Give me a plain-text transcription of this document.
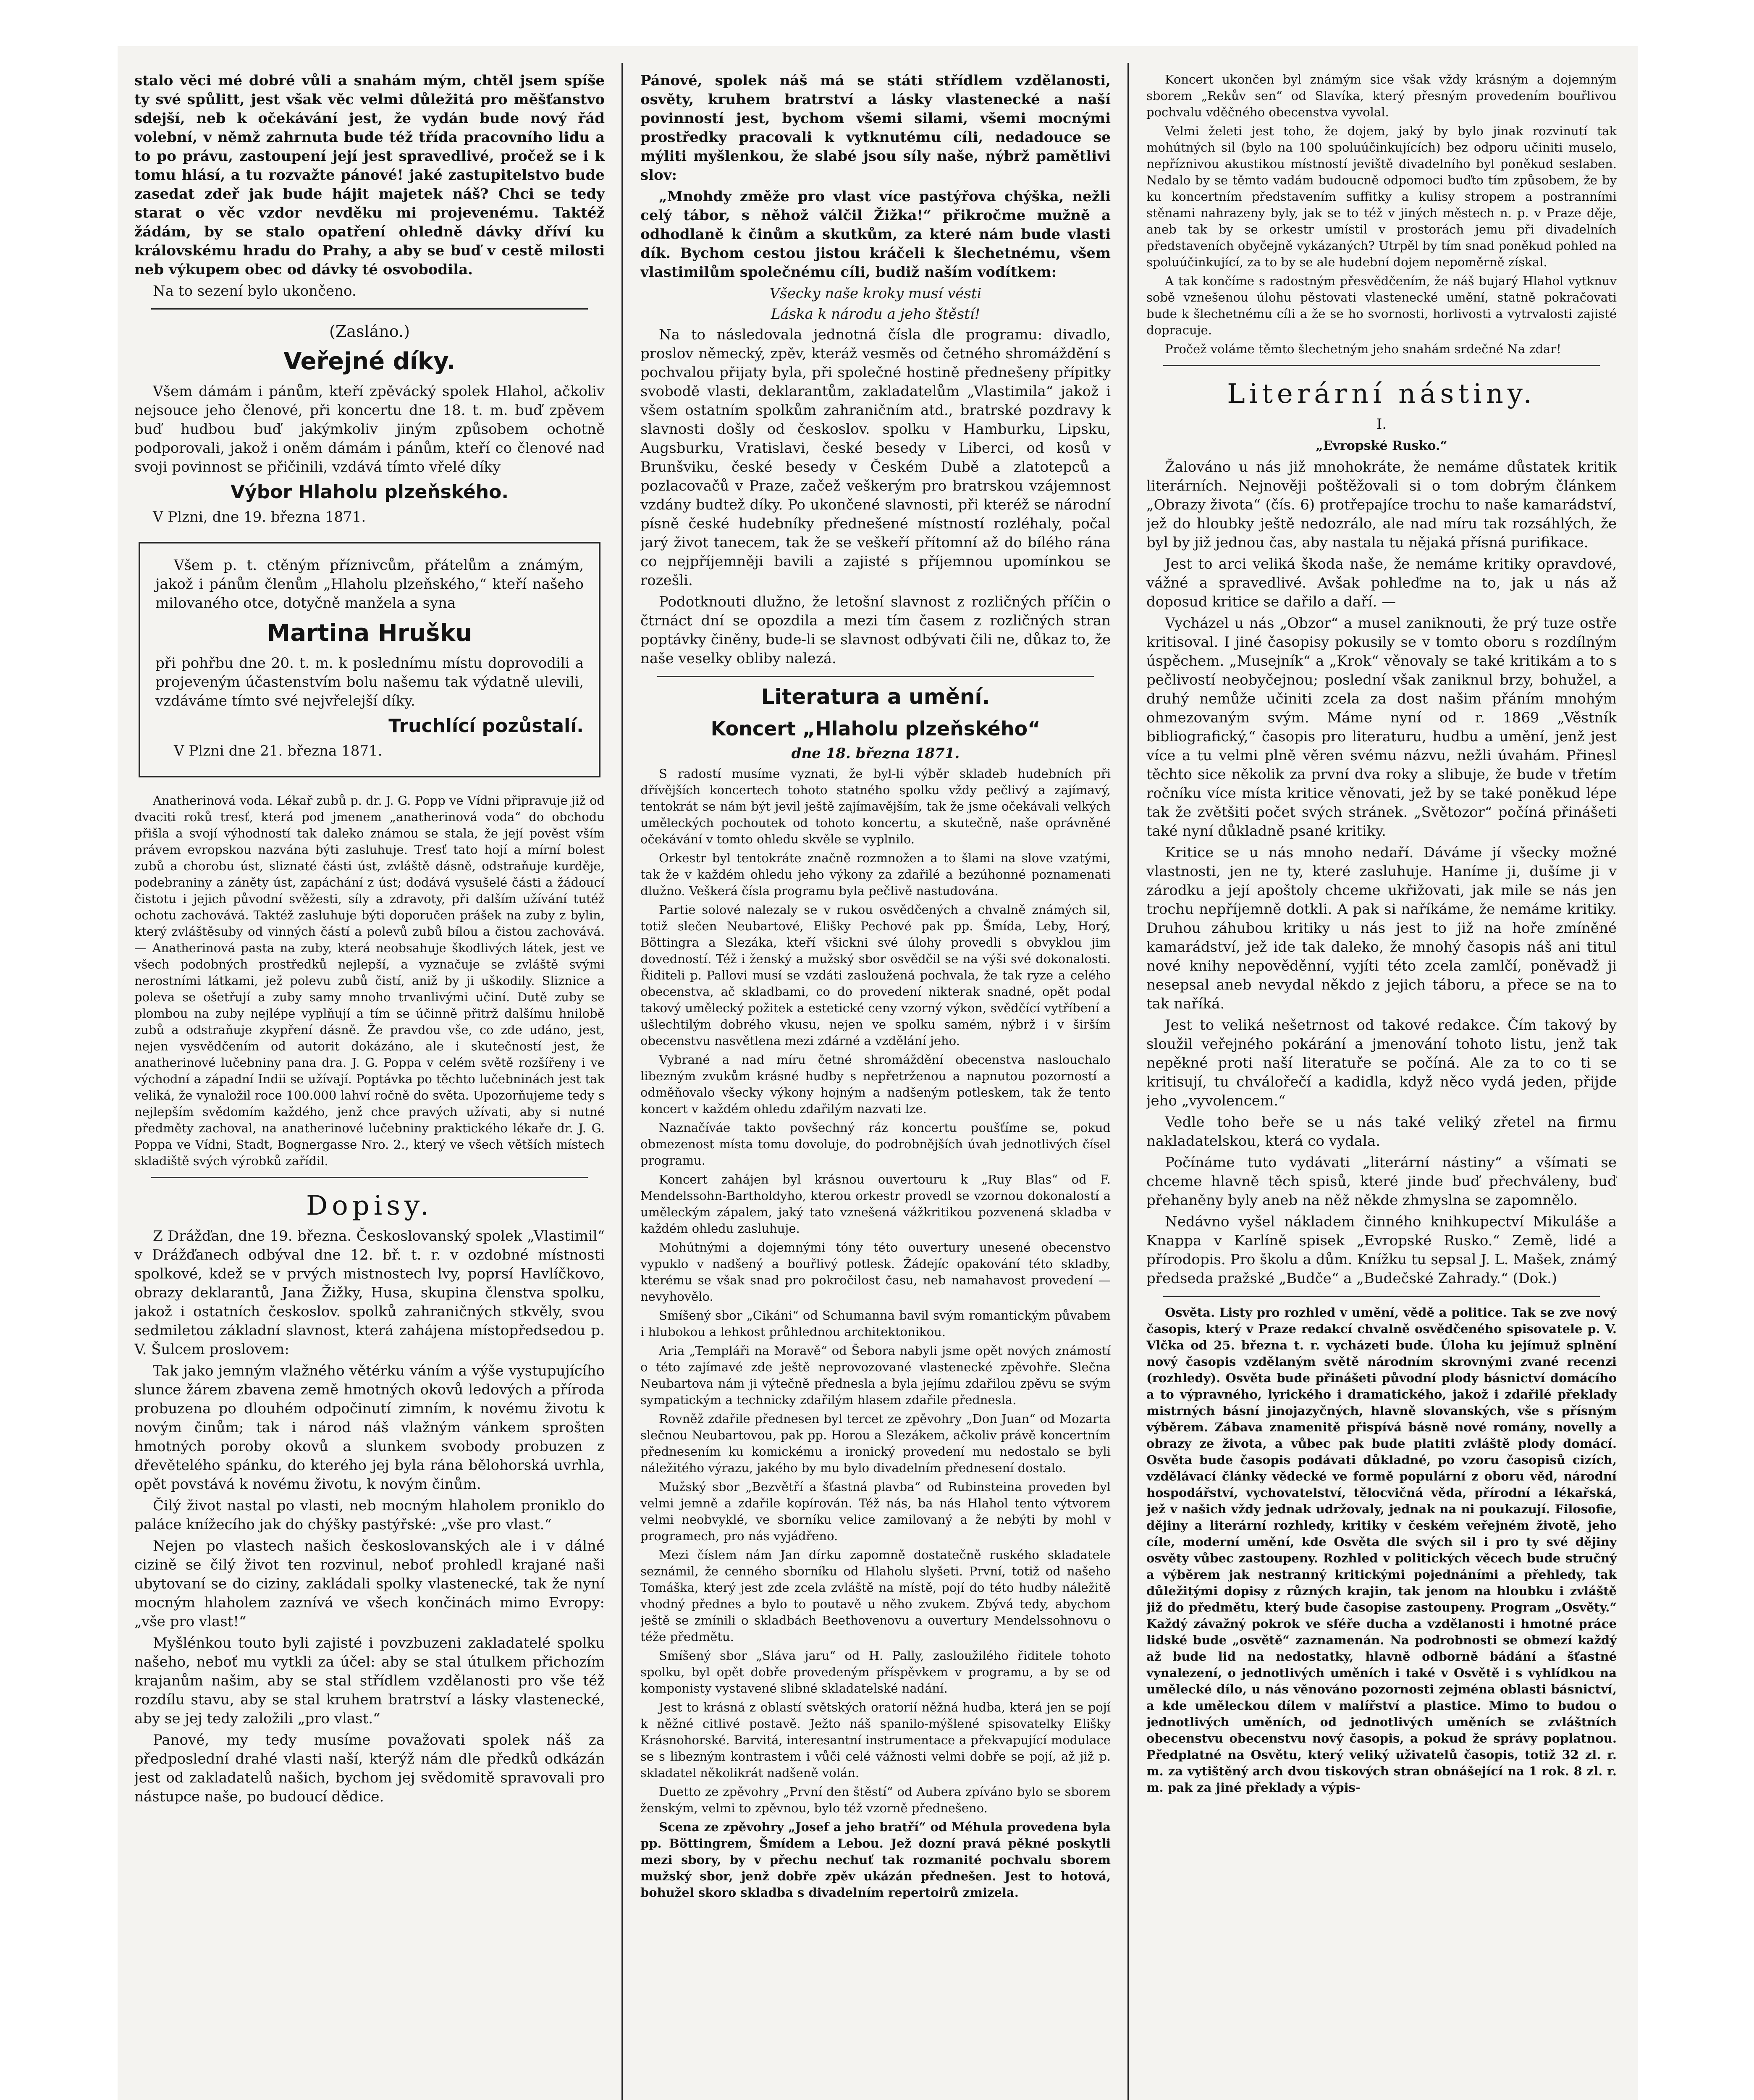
stalo věci mé dobré vůli a snahám mým, chtěl jsem spíše ty své spůlitt, jest však věc velmi důležitá pro měšťanstvo sdejší, neb k očekávání jest, že vydán bude nový řád volební, v němž zahrnuta bude též třída pracovního lidu a to po právu, zastoupení její jest spravedlivé, pročež se i k tomu hlásí, a tu rozvažte pánové! jaké zastupitelstvo bude zasedat zdeř jak bude hájit majetek náš? Chci se tedy starat o věc vzdor nevděku mi projevenému. Taktéž žádám, by se stalo opatření ohledně dávky dříví ku královskému hradu do Prahy, a aby se buď v cestě milosti neb výkupem obec od dávky té osvobodila.

Na to sezení bylo ukončeno.

(Zasláno.)

Veřejné díky.

Všem dámám i pánům, kteří zpěvácký spolek Hlahol, ačkoliv nejsouce jeho členové, při koncertu dne 18. t. m. buď zpěvem buď hudbou buď jakýmkoliv jiným způsobem ochotně podporovali, jakož i oněm dámám i pánům, kteří co členové nad svoji povinnost se přičinili, vzdává tímto vřelé díky

Výbor Hlaholu plzeňského.

V Plzni, dne 19. března 1871.

Všem p. t. ctěným příznivcům, přátelům a známým, jakož i pánům členům „Hlaholu plzeňského,“ kteří našeho milovaného otce, dotyčně manžela a syna

Martina Hrušku

při pohřbu dne 20. t. m. k poslednímu místu doprovodili a projeveným účastenstvím bolu našemu tak výdatně ulevili, vzdáváme tímto své nejvřelejší díky.

Truchlící pozůstalí.

V Plzni dne 21. března 1871.

Anatherinová voda. Lékař zubů p. dr. J. G. Popp ve Vídni připravuje již od dvaciti roků tresť, která pod jmenem „anatherinová voda“ do obchodu přišla a svojí výhodností tak daleko známou se stala, že její pověst vším právem evropskou nazvána býti zasluhuje. Tresť tato hojí a mírní bolest zubů a chorobu úst, sliznaté části úst, zvláště dásně, odstraňuje kurděje, podebraniny a záněty úst, zapáchání z úst; dodává vysušelé části a žádoucí čistotu i jejich původní svěžesti, síly a zdravoty, při dalším užívání tutéž ochotu zachovává. Taktéž zasluhuje býti doporučen prášek na zuby z bylin, který zvláštěsuby od vinných částí a polevů zubů bílou a čistou zachovává. — Anatherinová pasta na zuby, která neobsahuje škodlivých látek, jest ve všech podobných prostředků nejlepší, a vyznačuje se zvláště svými nerostními látkami, jež polevu zubů čistí, aniž by ji uškodily. Sliznice a poleva se ošetřují a zuby samy mnoho trvanlivými učiní. Dutě zuby se plombou na zuby nejlépe vyplňují a tím se účinně přitrž dalšímu hnilobě zubů a odstraňuje zkypření dásně. Že pravdou vše, co zde udáno, jest, nejen vysvědčením od autorit dokázáno, ale i skutečností jest, že anatherinové lučebniny pana dra. J. G. Poppa v celém světě rozšířeny i ve východní a západní Indii se užívají. Poptávka po těchto lučebninách jest tak veliká, že vynaložil roce 100.000 lahví ročně do světa. Upozorňujeme tedy s nejlepším svědomím každého, jenž chce pravých užívati, aby si nutné předměty zachoval, na anatherinové lučebniny praktického lékaře dr. J. G. Poppa ve Vídni, Stadt, Bognergasse Nro. 2., který ve všech větších místech skladiště svých výrobků zařídil.

Dopisy.

Z Drážďan, dne 19. března. Českoslovanský spolek „Vlastimil“ v Drážďanech odbýval dne 12. bř. t. r. v ozdobné místnosti spolkové, kdež se v prvých mistnostech lvy, poprsí Havlíčkovo, obrazy deklarantů, Jana Žižky, Husa, skupina členstva spolku, jakož i ostatních českoslov. spolků zahraničných stkvěly, svou sedmiletou základní slavnost, která zahájena místopředsedou p. V. Šulcem proslovem:

Tak jako jemným vlažného větérku váním a výše vystupujícího slunce žárem zbavena země hmotných okovů ledových a příroda probuzena po dlouhém odpočinutí zimním, k novému životu k novým činům; tak i národ náš vlažným vánkem sprošten hmotných poroby okovů a slunkem svobody probuzen z dřevětelého spánku, do kterého jej byla rána bělohorská uvrhla, opět povstává k novému životu, k novým činům.

Čilý život nastal po vlasti, neb mocným hlaholem proniklo do paláce knížecího jak do chýšky pastýřské: „vše pro vlast.“

Nejen po vlastech našich českoslovanských ale i v dálné cizině se čilý život ten rozvinul, neboť prohledl krajané naši ubytovaní se do ciziny, zakládali spolky vlastenecké, tak že nyní mocným hlaholem zaznívá ve všech končinách mimo Evropy: „vše pro vlast!“

Myšlénkou touto byli zajisté i povzbuzeni zakladatelé spolku našeho, neboť mu vytkli za účel: aby se stal útulkem přichozím krajanům našim, aby se stal střídlem vzdělanosti pro vše též rozdílu stavu, aby se stal kruhem bratrství a lásky vlastenecké, aby se jej tedy založili „pro vlast.“

Panové, my tedy musíme považovati spolek náš za předposlední drahé vlasti naší, kterýž nám dle předků odkázán jest od zakladatelů našich, bychom jej svědomitě spravovali pro nástupce naše, po budoucí dědice.

Pánové, spolek náš má se státi střídlem vzdělanosti, osvěty, kruhem bratrství a lásky vlastenecké a naší povinností jest, bychom všemi silami, všemi mocnými prostředky pracovali k vytknutému cíli, nedadouce se mýliti myšlenkou, že slabé jsou síly naše, nýbrž pamětlivi slov:

„Mnohdy změže pro vlast více pastýřova chýška, nežli celý tábor, s něhož válčil Žižka!“ přikročme mužně a odhodlaně k činům a skutkům, za které nám bude vlasti dík. Bychom cestou jistou kráčeli k šlechetnému, všem vlastimilům společnému cíli, budiž naším vodítkem:

Všecky naše kroky musí vésti
Láska k národu a jeho štěstí!

Na to následovala jednotná čísla dle programu: divadlo, proslov německý, zpěv, kteráž vesměs od četného shromáždění s pochvalou přijaty byla, při společné hostině přednešeny přípitky svobodě vlasti, deklarantům, zakladatelům „Vlastimila“ jakož i všem ostatním spolkům zahraničním atd., bratrské pozdravy k slavnosti došly od českoslov. spolku v Hamburku, Lipsku, Augsburku, Vratislavi, české besedy v Liberci, od kosů v Brunšviku, české besedy v Českém Dubě a zlatotepců a pozlacovačů v Praze, začež veškerým pro bratrskou vzájemnost vzdány budtež díky. Po ukončené slavnosti, při kteréž se národní písně české hudebníky přednešené místností rozléhaly, počal jarý život tanecem, tak že se veškeří přítomní až do bílého rána co nejpříjemněji bavili a zajisté s příjemnou upomínkou se rozešli.

Podotknouti dlužno, že letošní slavnost z rozličných příčin o čtrnáct dní se opozdila a mezi tím časem z rozličných stran poptávky činěny, bude-li se slavnost odbývati čili ne, důkaz to, že naše veselky obliby nalezá.

Literatura a umění.
Koncert „Hlaholu plzeňského“
dne 18. března 1871.

S radostí musíme vyznati, že byl-li výběr skladeb hudebních při dřívějších koncertech tohoto statného spolku vždy pečlivý a zajímavý, tentokrát se nám být jevil ještě zajímavějším, tak že jsme očekávali velkých uměleckých pochoutek od tohoto koncertu, a skutečně, naše oprávněné očekávání v tomto ohledu skvěle se vyplnilo.

Orkestr byl tentokráte značně rozmnožen a to šlami na slove vzatými, tak že v každém ohledu jeho výkony za zdařilé a bezúhonné poznamenati dlužno. Veškerá čísla programu byla pečlivě nastudována.

Partie solové nalezaly se v rukou osvědčených a chvalně známých sil, totiž slečen Neubartové, Elišky Pechové pak pp. Šmída, Leby, Horý, Böttingra a Slezáka, kteří všickni své úlohy provedli s obvyklou jim dovedností. Též i ženský a mužský sbor osvědčil se na výši své dokonalosti. Řiditeli p. Pallovi musí se vzdáti zasloužená pochvala, že tak ryze a celého obecenstva, ač skladbami, co do provedení nikterak snadné, opět podal takový umělecký požitek a estetické ceny vzorný výkon, svědčící vytříbení a ušlechtilým dobrého vkusu, nejen ve spolku samém, nýbrž i v širším obecenstvu nasvětlena mezi zdárné a vzdělání jeho.

Vybrané a nad míru četné shromáždění obecenstva naslouchalo libezným zvukům krásné hudby s nepřetrženou a napnutou pozorností a odměňovalo všecky výkony hojným a nadšeným potleskem, tak že tento koncert v každém ohledu zdařilým nazvati lze.

Naznačíváe takto povšechný ráz koncertu poušťíme se, pokud obmezenost místa tomu dovoluje, do podrobnějších úvah jednotlivých čísel programu.

Koncert zahájen byl krásnou ouvertouru k „Ruy Blas“ od F. Mendelssohn-Bartholdyho, kterou orkestr provedl se vzornou dokonalostí a uměleckým zápalem, jaký tato vznešená vážkritikou pozvenená skladba v každém ohledu zasluhuje.

Mohútnými a dojemnými tóny této ouvertury unesené obecenstvo vypuklo v nadšený a bouřlivý potlesk. Žádejíc opakování této skladby, kterému se však snad pro pokročilost času, neb namahavost provedení — nevyhovělo.

Smíšený sbor „Cikáni“ od Schumanna bavil svým romantickým půvabem i hlubokou a lehkost průhlednou architektonikou.

Aria „Templáři na Moravě“ od Šebora nabyli jsme opět nových známostí o této zajímavé zde ještě neprovozované vlastenecké zpěvohře. Slečna Neubartova nám ji výtečně přednesla a byla jejímu zdařilou zpěvu se svým sympatickým a technicky zdařilým hlasem zdařile přednesla.

Rovněž zdařile přednesen byl tercet ze zpěvohry „Don Juan“ od Mozarta slečnou Neubartovou, pak pp. Horou a Slezákem, ačkoliv právě koncertním přednesením ku komickému a ironický provedení mu nedostalo se byli náležitého výrazu, jakého by mu bylo divadelním přednesení dostalo.

Mužský sbor „Bezvětří a šťastná plavba“ od Rubinsteina proveden byl velmi jemně a zdařile kopírován. Též nás, ba nás Hlahol tento výtvorem velmi neobvyklé, ve sborníku velice zamilovaný a že nebýti by mohl v programech, pro nás vyjádřeno.

Mezi číslem nám Jan dírku zapomně dostatečně ruského skladatele seznámil, že cenného sborníku od Hlaholu slyšeti. První, totiž od našeho Tomáška, který jest zde zcela zvláště na místě, pojí do této hudby náležitě vhodný přednes a bylo to poutavě u něho zvukem. Zbývá tedy, abychom ještě se zmínili o skladbách Beethovenovu a ouvertury Mendelssohnovu o téže předmětu.

Smíšený sbor „Sláva jaru“ od H. Pally, zasloužilého řiditele tohoto spolku, byl opět dobře provedeným příspěvkem v programu, a by se od komponisty vystavené slibné skladatelské nadání.

Jest to krásná z oblastí světských oratorií něžná hudba, která jen se pojí k něžné citlivé postavě. Ježto náš spanilo-mýšlené spisovatelky Elišky Krásnohorské. Barvitá, interesantní instrumentace a překvapující modulace se s libezným kontrastem i vůči celé vážnosti velmi dobře se pojí, až již p. skladatel několikrát nadšeně volán.

Duetto ze zpěvohry „První den štěstí“ od Aubera zpíváno bylo se sborem ženským, velmi to zpěvnou, bylo též vzorně přednešeno.

Scena ze zpěvohry „Josef a jeho bratří“ od Méhula provedena byla pp. Böttingrem, Šmídem a Lebou. Jež dozní pravá pěkné poskytli mezi sbory, by v přechu nechuť tak rozmanité pochvalu sborem mužský sbor, jenž dobře zpěv ukázán přednešen. Jest to hotová, bohužel skoro skladba s divadelním repertoirů zmizela.

Koncert ukončen byl známým sice však vždy krásným a dojemným sborem „Rekův sen“ od Slavíka, který přesným provedením bouřlivou pochvalu vděčného obecenstva vyvolal.

Velmi želeti jest toho, že dojem, jaký by bylo jinak rozvinutí tak mohútných sil (bylo na 100 spoluúčinkujících) bez odporu učiniti muselo, nepříznivou akustikou místností jeviště divadelního byl poněkud seslaben. Nedalo by se těmto vadám budoucně odpomoci buďto tím způsobem, že by ku koncertním představením suffitky a kulisy stropem a postranními stěnami nahrazeny byly, jak se to též v jiných městech n. p. v Praze děje, aneb tak by se orkestr umístil v prostorách jemu při divadelních představeních obyčejně vykázaných? Utrpěl by tím snad poněkud pohled na spoluúčinkující, za to by se ale hudební dojem nepoměrně získal.

A tak končíme s radostným přesvědčením, že náš bujarý Hlahol vytknuv sobě vznešenou úlohu pěstovati vlastenecké umění, statně pokračovati bude k šlechetnému cíli a že se ho svornosti, horlivosti a vytrvalosti zajisté dopracuje.

Pročež voláme těmto šlechetným jeho snahám srdečné Na zdar!

Literární nástiny.

I.

„Evropské Rusko.“

Žalováno u nás již mnohokráte, že nemáme důstatek kritik literárních. Nejnověji poštěžovali si o tom dobrým článkem „Obrazy života“ (čís. 6) protřepajíce trochu to naše kamarádství, jež do hloubky ještě nedozrálo, ale nad míru tak rozsáhlých, že byl by již jednou čas, aby nastala tu nějaká přísná purifikace.

Jest to arci veliká škoda naše, že nemáme kritiky opravdové, vážné a spravedlivé. Avšak pohleďme na to, jak u nás až doposud kritice se dařilo a daří. —

Vycházel u nás „Obzor“ a musel zaniknouti, že prý tuze ostře kritisoval. I jiné časopisy pokusily se v tomto oboru s rozdílným úspěchem. „Musejník“ a „Krok“ věnovaly se také kritikám a to s pečlivostí neobyčejnou; poslední však zaniknul brzy, bohužel, a druhý nemůže učiniti zcela za dost našim přáním mnohým ohmezovaným svým. Máme nyní od r. 1869 „Věstník bibliografický,“ časopis pro literaturu, hudbu a umění, jenž jest více a tu velmi plně věren svému názvu, nežli úvahám. Přinesl těchto sice několik za první dva roky a slibuje, že bude v třetím ročníku více místa kritice věnovati, jež by se také poněkud lépe tak že zvětšiti počet svých stránek. „Světozor“ počíná přinášeti také nyní důkladně psané kritiky.

Kritice se u nás mnoho nedaří. Dáváme jí všecky možné vlastnosti, jen ne ty, které zasluhuje. Haníme ji, dušíme ji v zárodku a její apoštoly chceme ukřižovati, jak mile se nás jen trochu nepříjemně dotkli. A pak si naříkáme, že nemáme kritiky. Druhou záhubou kritiky u nás jest to již na hoře zmíněné kamarádství, jež ide tak daleko, že mnohý časopis náš ani titul nové knihy nepověděnní, vyjíti této zcela zamlčí, poněvadž ji nesepsal aneb nevydal někdo z jejich táboru, a přece se na to tak naříká.

Jest to veliká nešetrnost od takové redakce. Čím takový by sloužil veřejného pokárání a jmenování tohoto listu, jenž tak nepěkné proti naší literatuře se počíná. Ale za to co ti se kritisují, tu chválořečí a kadidla, když něco vydá jeden, přijde jeho „vyvolencem.“

Vedle toho beře se u nás také veliký zřetel na firmu nakladatelskou, která co vydala.

Počínáme tuto vydávati „literární nástiny“ a všímati se chceme hlavně těch spisů, které jinde buď přechváleny, buď přehaněny byly aneb na něž někde zhmyslna se zapomnělo.

Nedávno vyšel nákladem činného knihkupectví Mikuláše a Knappa v Karlíně spisek „Evropské Rusko.“ Země, lidé a přírodopis. Pro školu a dům. Knížku tu sepsal J. L. Mašek, známý předseda pražské „Budče“ a „Budečské Zahrady.“ (Dok.)

Osvěta. Listy pro rozhled v umění, vědě a politice. Tak se zve nový časopis, který v Praze redakcí chvalně osvědčeného spisovatele p. V. Vlčka od 25. března t. r. vycházeti bude. Úloha ku jejímuž splnění nový časopis vzdělaným světě národním skrovnými zvané recenzi (rozhledy). Osvěta bude přinášeti původní plody básnictví domácího a to výpravného, lyrického i dramatického, jakož i zdařilé překlady mistrných básní jinojazyčných, hlavně slovanských, vše s přísným výběrem. Zábava znamenitě přispívá básně nové romány, novelly a obrazy ze života, a vůbec pak bude platiti zvláště plody domácí. Osvěta bude časopis podávati důkladné, po vzoru časopisů cizích, vzdělávací články vědecké ve formě populární z oboru věd, národní hospodářství, vychovatelství, tělocvičná věda, přírodní a lékařská, jež v našich vždy jednak udržovaly, jednak na ni poukazují. Filosofie, dějiny a literární rozhledy, kritiky v českém veřejném životě, jeho cíle, moderní umění, kde Osvěta dle svých sil i pro ty své dějiny osvěty vůbec zastoupeny. Rozhled v politických věcech bude stručný a výběrem jak nestranný kritickými pojednáními a přehledy, tak důležitými dopisy z různých krajin, tak jenom na hloubku i zvláště již do předmětu, který bude časopise zastoupeny. Program „Osvěty.“ Každý závažný pokrok ve sféře ducha a vzdělanosti i hmotné práce lidské bude „osvětě“ zaznamenán. Na podrobnosti se obmezí každý až bude lid na nedostatky, hlavně odborně bádání a šťastné vynalezení, o jednotlivých uměních i také v Osvětě i s vyhlídkou na umělecké dílo, u nás věnováno pozornosti zejména oblasti básnictví, a kde uměleckou dílem v malířství a plastice. Mimo to budou o jednotlivých uměních, od jednotlivých uměních se zvláštních obecenstvu obecenstvu nový časopis, a pokud že správy poplatnou. Předplatné na Osvětu, který veliký uživatelů časopis, totiž 32 zl. r. m. za vytištěný arch dvou tiskových stran obnášející na 1 rok. 8 zl. r. m. pak za jiné překlady a výpis-
